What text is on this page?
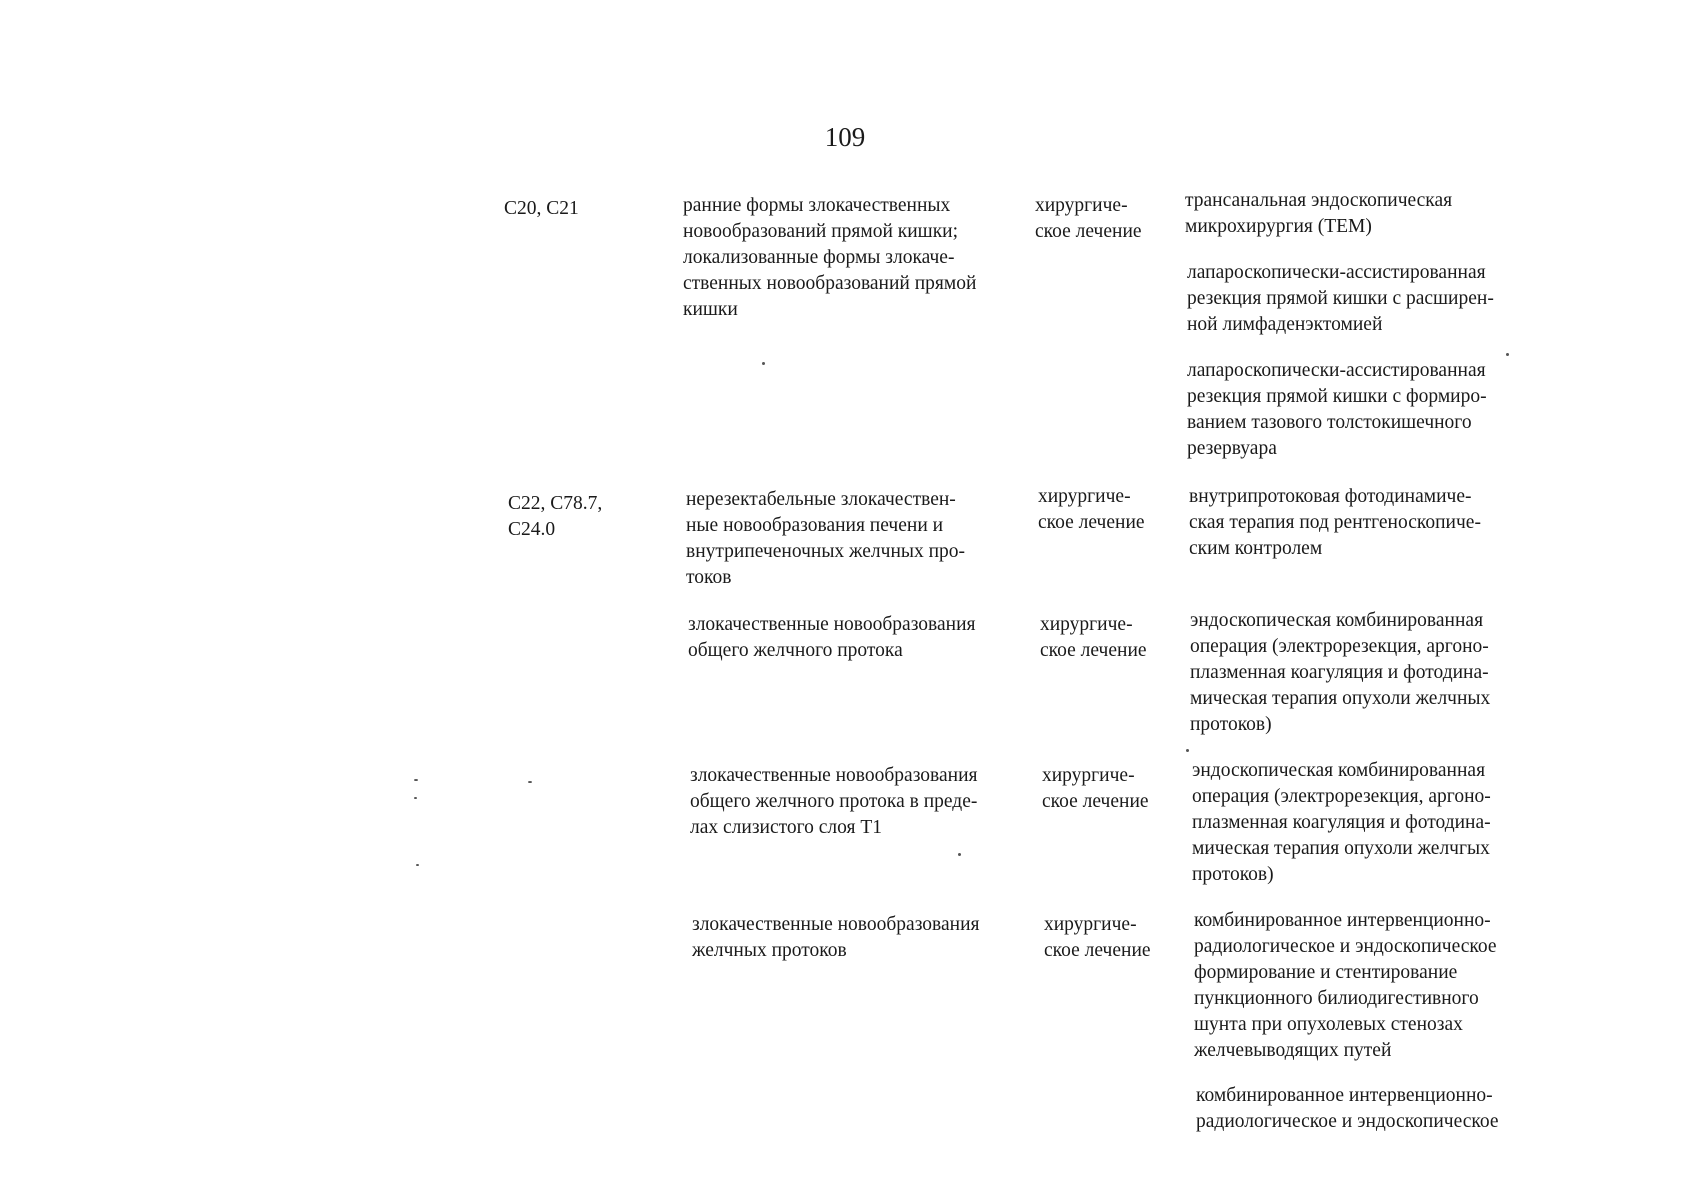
109

C20, C21	ранние формы злокачественных
новообразований прямой кишки;
локализованные формы злокаче-
ственных новообразований прямой
кишки

хирургиче-
ское лечение

трансанальная эндоскопическая
микрохирургия (ТЕМ)

лапароскопически-ассистированная
резекция прямой кишки с расширен-
ной лимфаденэктомией

лапароскопически-ассистированная
резекция прямой кишки с формиро-
ванием тазового толстокишечного
резервуара

C22, C78.7,
C24.0

нерезектабельные злокачествен-
ные новообразования печени и
внутрипеченочных желчных про-
токов

хирургиче-
ское лечение

внутрипротоковая фотодинамиче-
ская терапия под рентгеноскопиче-
ским контролем

злокачественные новообразования
общего желчного протока

хирургиче-
ское лечение

эндоскопическая комбинированная
операция (электрорезекция, аргоно-
плазменная коагуляция и фотодина-
мическая терапия опухоли желчных
протоков)

злокачественные новообразования
общего желчного протока в преде-
лах слизистого слоя Т1

хирургиче-
ское лечение

эндоскопическая комбинированная
операция (электрорезекция, аргоно-
плазменная коагуляция и фотодина-
мическая терапия опухоли желчгых
протоков)

злокачественные новообразования
желчных протоков

хирургиче-
ское лечение

комбинированное интервенционно-
радиологическое и эндоскопическое
формирование и стентирование
пункционного билиодигестивного
шунта при опухолевых стенозах
желчевыводящих путей

комбинированное интервенционно-
радиологическое и эндоскопическое
